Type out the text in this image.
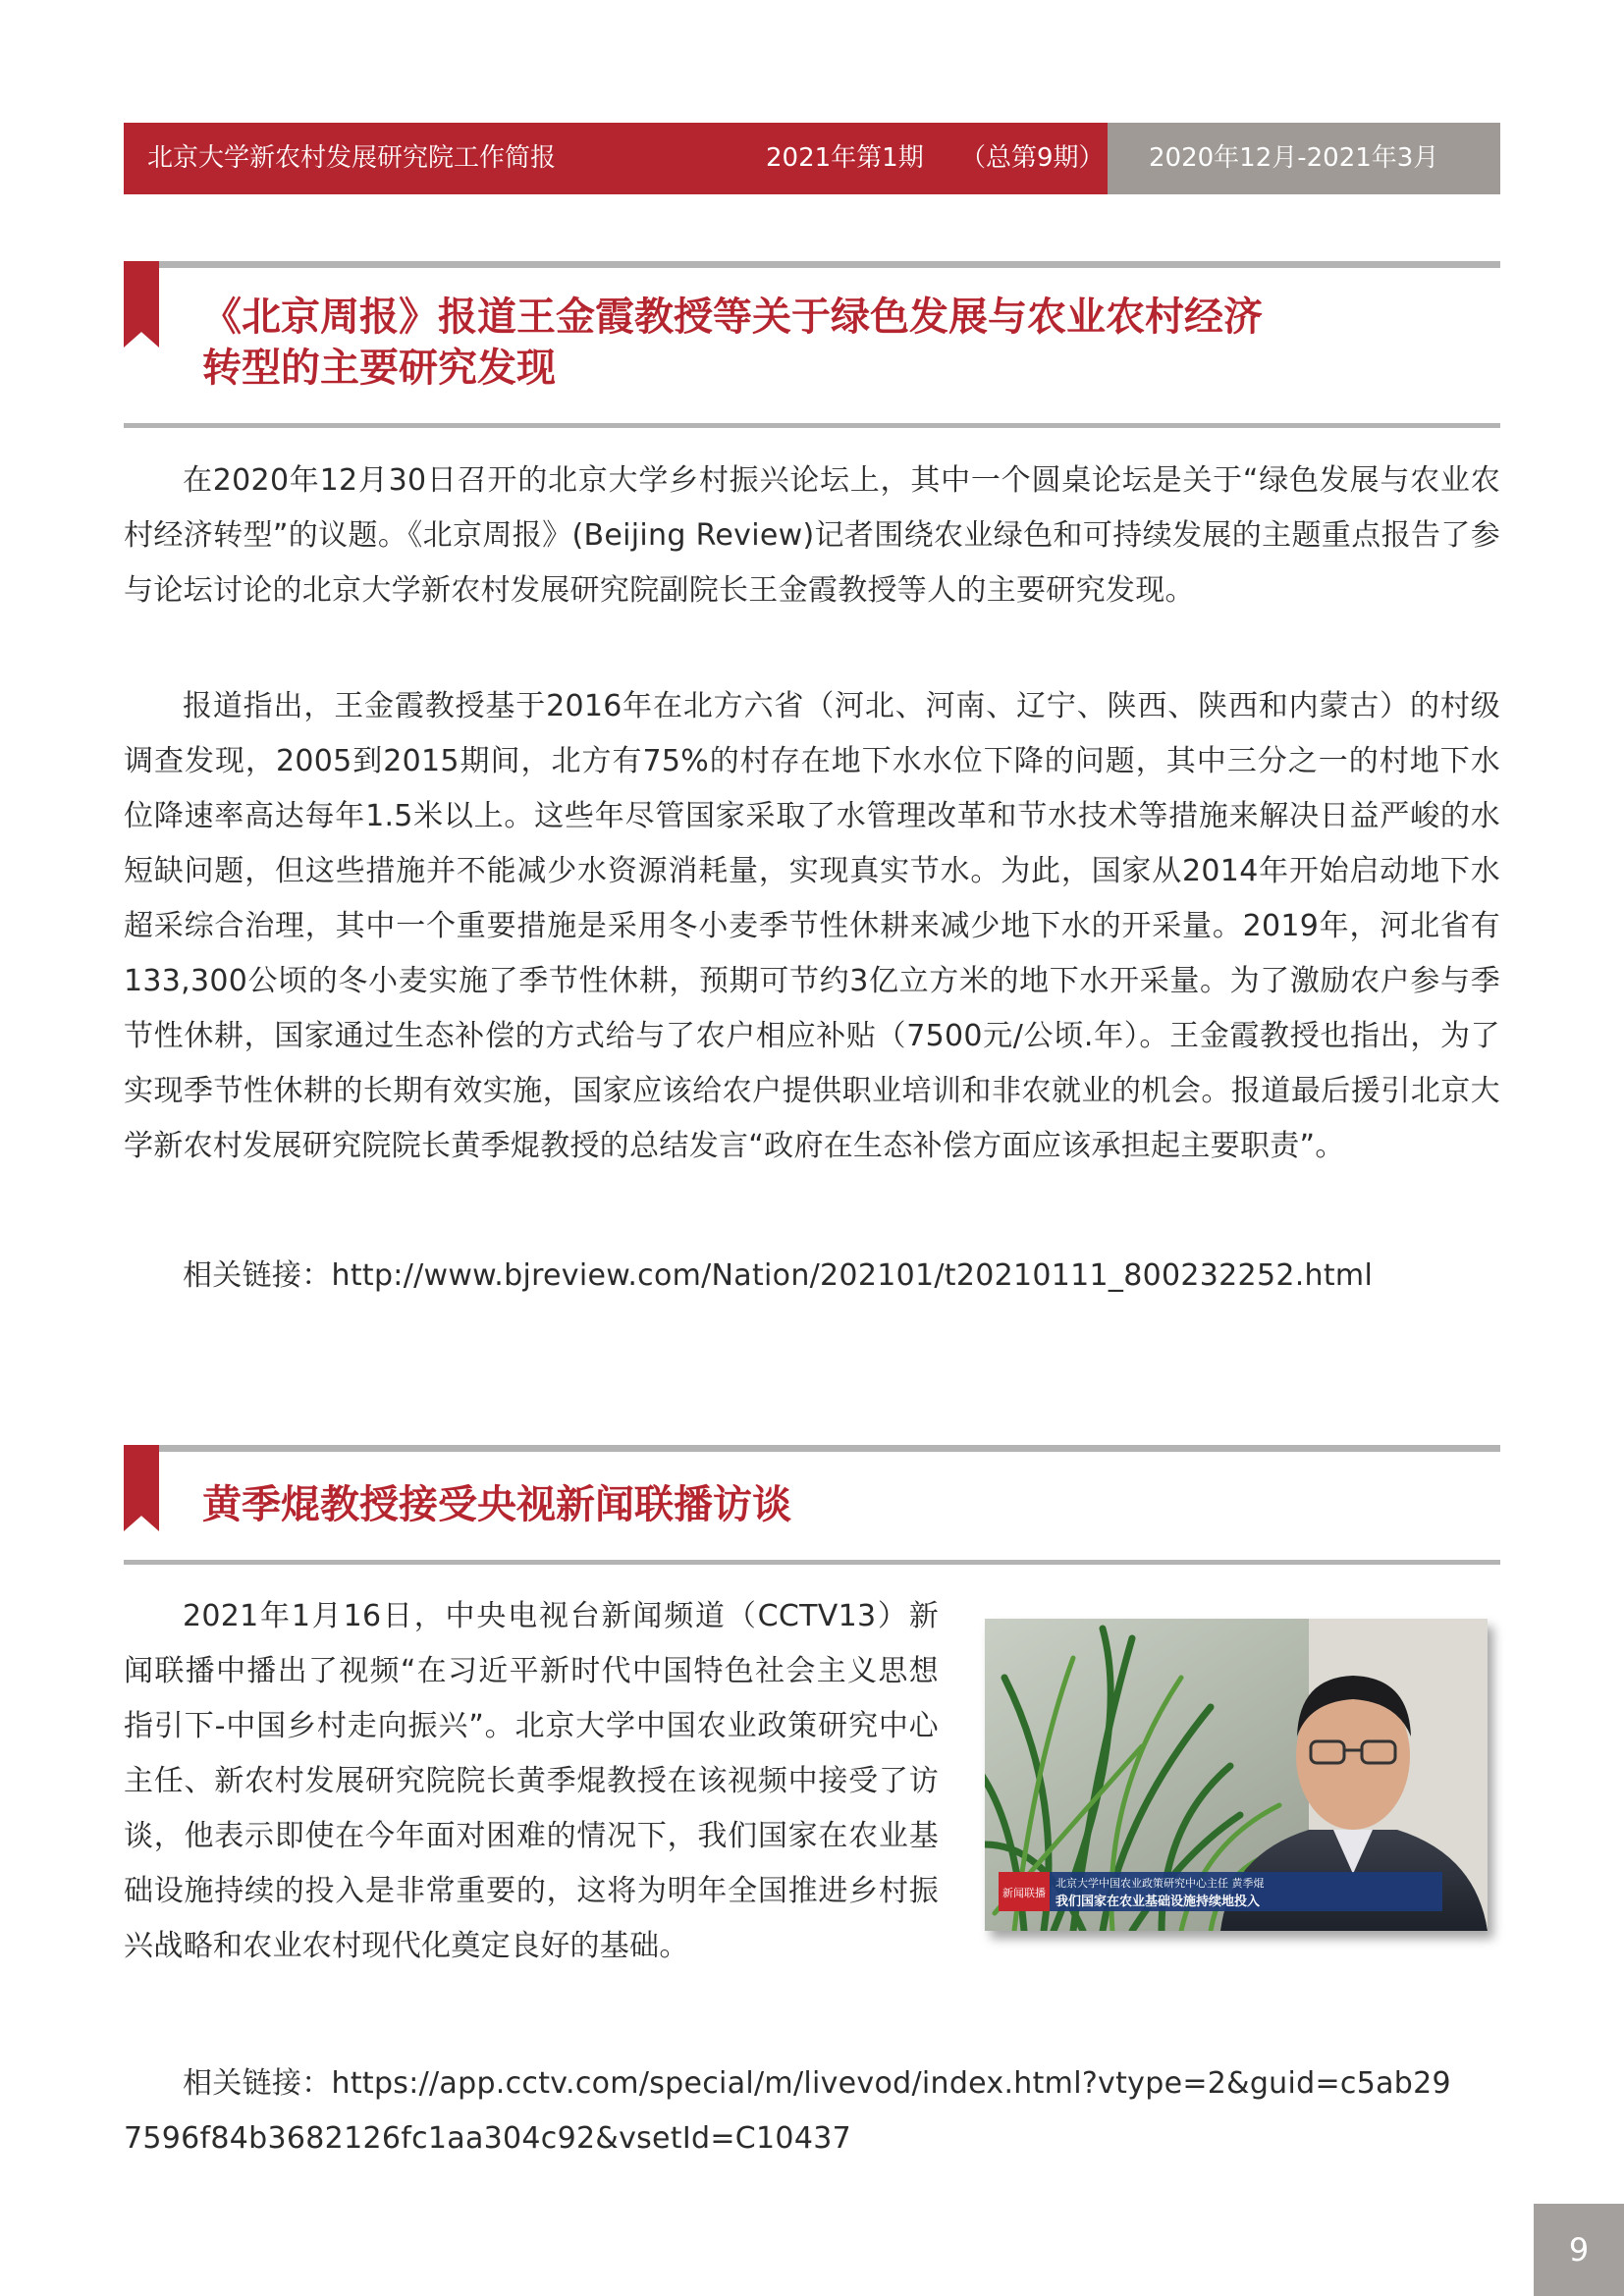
北京大学新农村发展研究院工作简报	2021年第1期 （总第9期） 2020年12月-2021年3月
《北京周报》报道王金霞教授等关于绿色发展与农业农村经济
转型的主要研究发现

在2020年12月30日召开的北京大学乡村振兴论坛上，其中一个圆桌论坛是关于“绿色发展与农业农村经济转型”的议题。《北京周报》(Beijing Review)记者围绕农业绿色和可持续发展的主题重点报告了参与论坛讨论的北京大学新农村发展研究院副院长王金霞教授等人的主要研究发现。

报道指出，王金霞教授基于2016年在北方六省（河北、河南、辽宁、陕西、陕西和内蒙古）的村级调查发现，2005到2015期间，北方有75%的村存在地下水水位下降的问题，其中三分之一的村地下水位降速率高达每年1.5米以上。这些年尽管国家采取了水管理改革和节水技术等措施来解决日益严峻的水短缺问题，但这些措施并不能减少水资源消耗量，实现真实节水。为此，国家从2014年开始启动地下水超采综合治理，其中一个重要措施是采用冬小麦季节性休耕来减少地下水的开采量。2019年，河北省有133,300公顷的冬小麦实施了季节性休耕，预期可节约3亿立方米的地下水开采量。为了激励农户参与季节性休耕，国家通过生态补偿的方式给与了农户相应补贴（7500元/公顷.年）。王金霞教授也指出，为了实现季节性休耕的长期有效实施，国家应该给农户提供职业培训和非农就业的机会。报道最后援引北京大学新农村发展研究院院长黄季焜教授的总结发言“政府在生态补偿方面应该承担起主要职责”。

相关链接：http://www.bjreview.com/Nation/202101/t20210111_800232252.html

黄季焜教授接受央视新闻联播访谈

2021年1月16日，中央电视台新闻频道（CCTV13）新闻联播中播出了视频“在习近平新时代中国特色社会主义思想指引下-中国乡村走向振兴”。北京大学中国农业政策研究中心主任、新农村发展研究院院长黄季焜教授在该视频中接受了访谈，他表示即使在今年面对困难的情况下，我们国家在农业基础设施持续的投入是非常重要的，这将为明年全国推进乡村振兴战略和农业农村现代化奠定良好的基础。

新闻联播
北京大学中国农业政策研究中心主任 黄季焜
我们国家在农业基础设施持续地投入

相关链接：https://app.cctv.com/special/m/livevod/index.html?vtype=2&guid=c5ab29
7596f84b3682126fc1aa304c92&vsetId=C10437

9
